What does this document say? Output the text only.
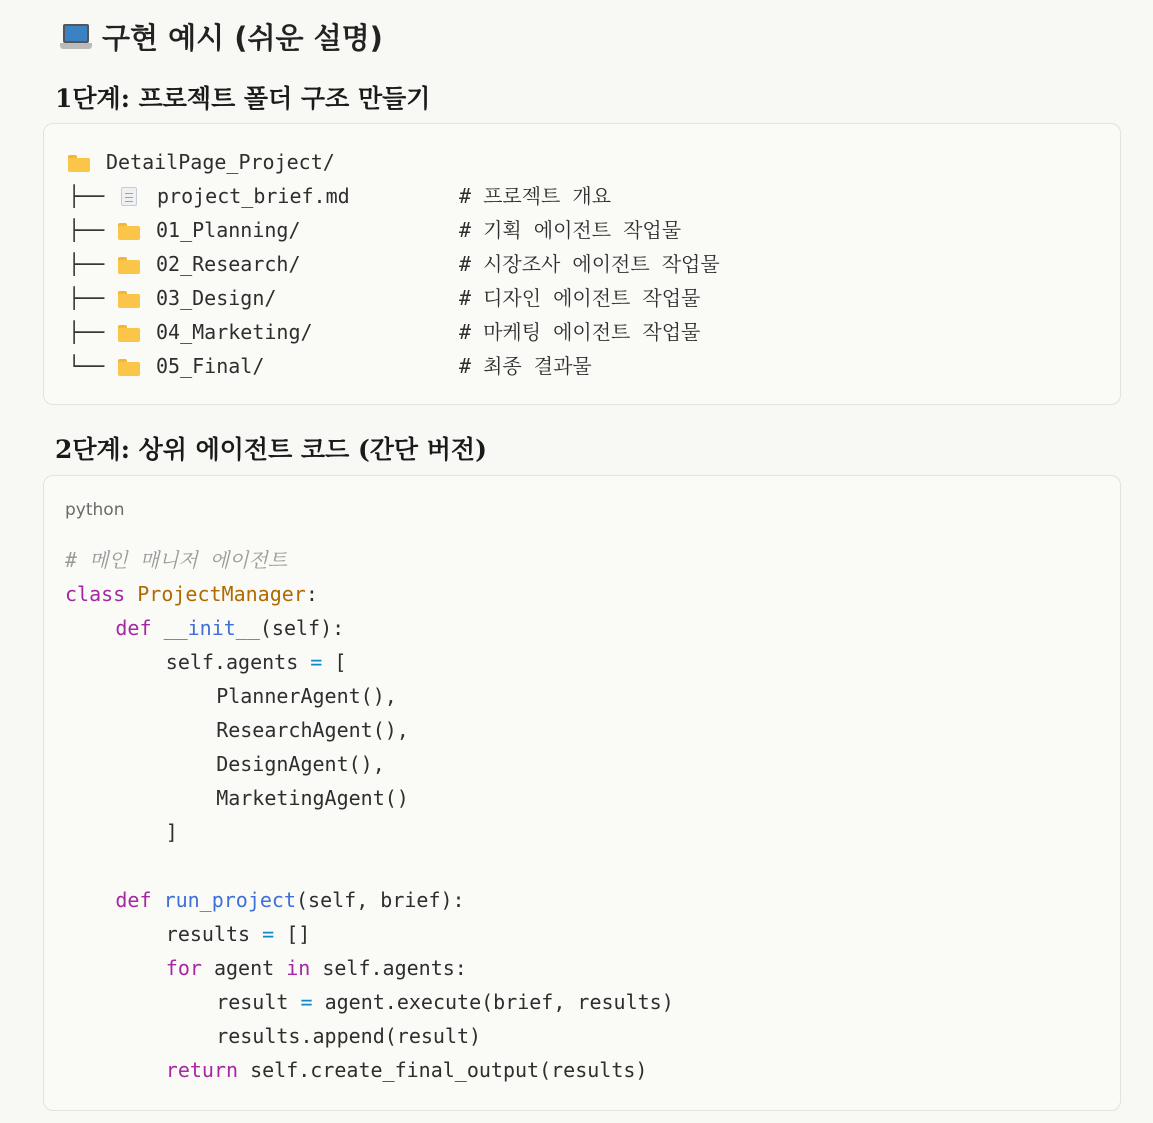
구현 예시 (쉬운 설명)
1단계: 프로젝트 폴더 구조 만들기
DetailPage_Project/
├──	project_brief.md	# 프로젝트 개요
├──	01_Planning/	# 기획 에이전트 작업물
├──	02_Research/	# 시장조사 에이전트 작업물
├──	03_Design/	# 디자인 에이전트 작업물
├──	04_Marketing/	# 마케팅 에이전트 작업물
└──	05_Final/	# 최종 결과물
2단계: 상위 에이전트 코드 (간단 버전)
python
# 메인 매니저 에이전트
class ProjectManager:
def __init__(self):
self.agents = [
PlannerAgent(),
ResearchAgent(),
DesignAgent(),
MarketingAgent()
]
def run_project(self, brief):
results = []
for agent in self.agents:
result = agent.execute(brief, results)
results.append(result)
return self.create_final_output(results)
